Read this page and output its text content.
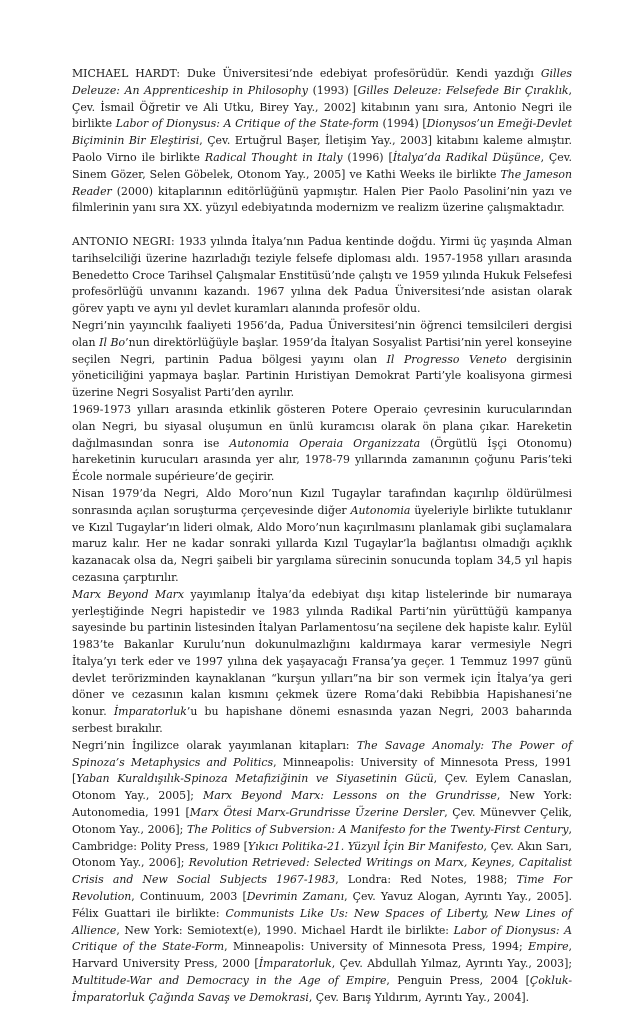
MICHAEL HARDT: Duke Üniversitesi’nde edebiyat profesörüdür. Kendi yazdığı Gilles Deleuze: An Apprenticeship in Philosophy (1993) [Gilles Deleuze: Felsefede Bir Çıraklık, Çev. İsmail Öğretir ve Ali Utku, Birey Yay., 2002] kitabının yanı sıra, Antonio Negri ile birlikte Labor of Dionysus: A Critique of the State-form (1994) [Dionysos’un Emeği-Devlet Biçiminin Bir Eleştirisi, Çev. Ertuğrul Başer, İletişim Yay., 2003] kitabını kaleme almıştır. Paolo Virno ile birlikte Radical Thought in Italy (1996) [İtalya’da Radikal Düşünce, Çev. Sinem Gözer, Selen Göbelek, Otonom Yay., 2005] ve Kathi Weeks ile birlikte The Jameson Reader (2000) kitaplarının editörlüğünü yapmıştır. Halen Pier Paolo Pasolini’nin yazı ve filmlerinin yanı sıra XX. yüzyıl edebiyatında modernizm ve realizm üzerine çalışmaktadır.

ANTONIO NEGRI: 1933 yılında İtalya’nın Padua kentinde doğdu. Yirmi üç yaşında Alman tarihselciliği üzerine hazırladığı teziyle felsefe diploması aldı. 1957-1958 yılları arasında Benedetto Croce Tarihsel Çalışmalar Enstitüsü’nde çalıştı ve 1959 yılında Hukuk Felsefesi profesörlüğü unvanını kazandı. 1967 yılına dek Padua Üniversitesi’nde asistan olarak görev yaptı ve aynı yıl devlet kuramları alanında profesör oldu.

Negri’nin yayıncılık faaliyeti 1956’da, Padua Üniversitesi’nin öğrenci temsilcileri dergisi olan Il Bo’nun direktörlüğüyle başlar. 1959’da İtalyan Sosyalist Partisi’nin yerel konseyine seçilen Negri, partinin Padua bölgesi yayını olan Il Progresso Veneto dergisinin yöneticiliğini yapmaya başlar. Partinin Hıristiyan Demokrat Parti’yle koalisyona girmesi üzerine Negri Sosyalist Parti’den ayrılır.

1969-1973 yılları arasında etkinlik gösteren Potere Operaio çevresinin kurucularından olan Negri, bu siyasal oluşumun en ünlü kuramcısı olarak ön plana çıkar. Hareketin dağılmasından sonra ise Autonomia Operaia Organizzata (Örgütlü İşçi Otonomu) hareketinin kurucuları arasında yer alır, 1978-79 yıllarında zamanının çoğunu Paris’teki École normale supérieure’de geçirir.

Nisan 1979’da Negri, Aldo Moro’nun Kızıl Tugaylar tarafından kaçırılıp öldürülmesi sonrasında açılan soruşturma çerçevesinde diğer Autonomia üyeleriyle birlikte tutuklanır ve Kızıl Tugaylar’ın lideri olmak, Aldo Moro’nun kaçırılmasını planlamak gibi suçlamalara maruz kalır. Her ne kadar sonraki yıllarda Kızıl Tugaylar’la bağlantısı olmadığı açıklık kazanacak olsa da, Negri şaibeli bir yargılama sürecinin sonucunda toplam 34,5 yıl hapis cezasına çarptırılır.

Marx Beyond Marx yayımlanıp İtalya’da edebiyat dışı kitap listelerinde bir numaraya yerleştiğinde Negri hapistedir ve 1983 yılında Radikal Parti’nin yürüttüğü kampanya sayesinde bu partinin listesinden İtalyan Parlamentosu’na seçilene dek hapiste kalır. Eylül 1983’te Bakanlar Kurulu’nun dokunulmazlığını kaldırmaya karar vermesiyle Negri İtalya’yı terk eder ve 1997 yılına dek yaşayacağı Fransa’ya geçer. 1 Temmuz 1997 günü devlet terörizminden kaynaklanan “kurşun yılları”na bir son vermek için İtalya’ya geri döner ve cezasının kalan kısmını çekmek üzere Roma’daki Rebibbia Hapishanesi’ne konur. İmparatorluk’u bu hapishane dönemi esnasında yazan Negri, 2003 baharında serbest bırakılır.

Negri’nin İngilizce olarak yayımlanan kitapları: The Savage Anomaly: The Power of Spinoza’s Metaphysics and Politics, Minneapolis: University of Minnesota Press, 1991 [Yaban Kuraldışılık-Spinoza Metafiziğinin ve Siyasetinin Gücü, Çev. Eylem Canaslan, Otonom Yay., 2005]; Marx Beyond Marx: Lessons on the Grundrisse, New York: Autonomedia, 1991 [Marx Ötesi Marx-Grundrisse Üzerine Dersler, Çev. Münevver Çelik, Otonom Yay., 2006]; The Politics of Subversion: A Manifesto for the Twenty-First Century, Cambridge: Polity Press, 1989 [Yıkıcı Politika-21. Yüzyıl İçin Bir Manifesto, Çev. Akın Sarı, Otonom Yay., 2006]; Revolution Retrieved: Selected Writings on Marx, Keynes, Capitalist Crisis and New Social Subjects 1967-1983, Londra: Red Notes, 1988; Time For Revolution, Continuum, 2003 [Devrimin Zamanı, Çev. Yavuz Alogan, Ayrıntı Yay., 2005]. Félix Guattari ile birlikte: Communists Like Us: New Spaces of Liberty, New Lines of Allience, New York: Semiotext(e), 1990. Michael Hardt ile birlikte: Labor of Dionysus: A Critique of the State-Form, Minneapolis: University of Minnesota Press, 1994; Empire, Harvard University Press, 2000 [İmparatorluk, Çev. Abdullah Yılmaz, Ayrıntı Yay., 2003]; Multitude-War and Democracy in the Age of Empire, Penguin Press, 2004 [Çokluk-İmparatorluk Çağında Savaş ve Demokrasi, Çev. Barış Yıldırım, Ayrıntı Yay., 2004].
